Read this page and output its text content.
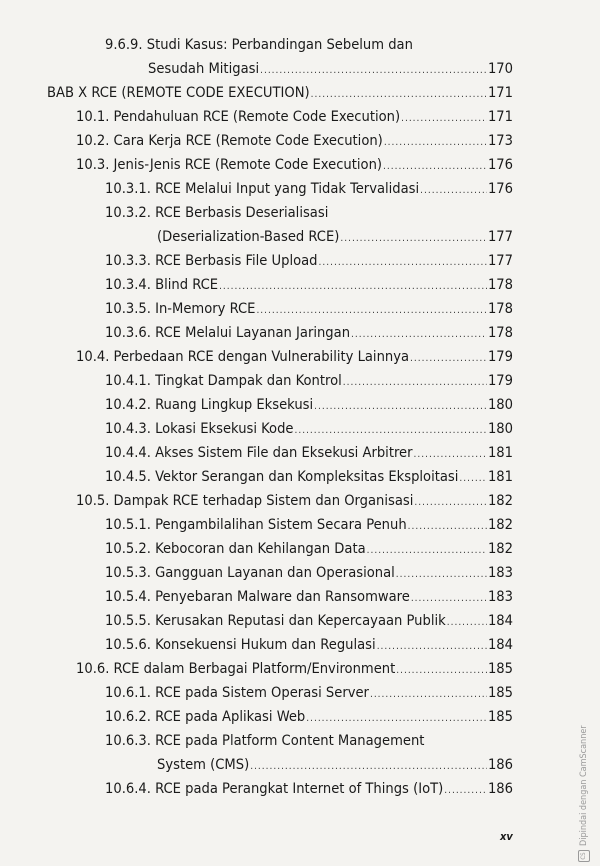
9.6.9. Studi Kasus: Perbandingan Sebelum dan
Sesudah Mitigasi .....	170
BAB X RCE (REMOTE CODE EXECUTION) .....	171
10.1. Pendahuluan RCE (Remote Code Execution) .....	171
10.2. Cara Kerja RCE (Remote Code Execution) .....	173
10.3. Jenis-Jenis RCE (Remote Code Execution) .....	176
10.3.1. RCE Melalui Input yang Tidak Tervalidasi .....	176
10.3.2. RCE Berbasis Deserialisasi
(Deserialization-Based RCE) .....	177
10.3.3. RCE Berbasis File Upload .....	177
10.3.4. Blind RCE .....	178
10.3.5. In-Memory RCE .....	178
10.3.6. RCE Melalui Layanan Jaringan .....	178
10.4. Perbedaan RCE dengan Vulnerability Lainnya .....	179
10.4.1. Tingkat Dampak dan Kontrol .....	179
10.4.2. Ruang Lingkup Eksekusi .....	180
10.4.3. Lokasi Eksekusi Kode .....	180
10.4.4. Akses Sistem File dan Eksekusi Arbitrer .....	181
10.4.5. Vektor Serangan dan Kompleksitas Eksploitasi ..... 181
10.5. Dampak RCE terhadap Sistem dan Organisasi .....	182
10.5.1. Pengambilalihan Sistem Secara Penuh .....	182
10.5.2. Kebocoran dan Kehilangan Data .....	182
10.5.3. Gangguan Layanan dan Operasional .....	183
10.5.4. Penyebaran Malware dan Ransomware .....	183
10.5.5. Kerusakan Reputasi dan Kepercayaan Publik .....	184
10.5.6. Konsekuensi Hukum dan Regulasi .....	184
10.6. RCE dalam Berbagai Platform/Environment .....	185
10.6.1. RCE pada Sistem Operasi Server .....	185
10.6.2. RCE pada Aplikasi Web .....	185
10.6.3. RCE pada Platform Content Management
System (CMS) .....	186
10.6.4. RCE pada Perangkat Internet of Things (IoT) .....	186
xv
CS
Dipindai dengan CamScanner
